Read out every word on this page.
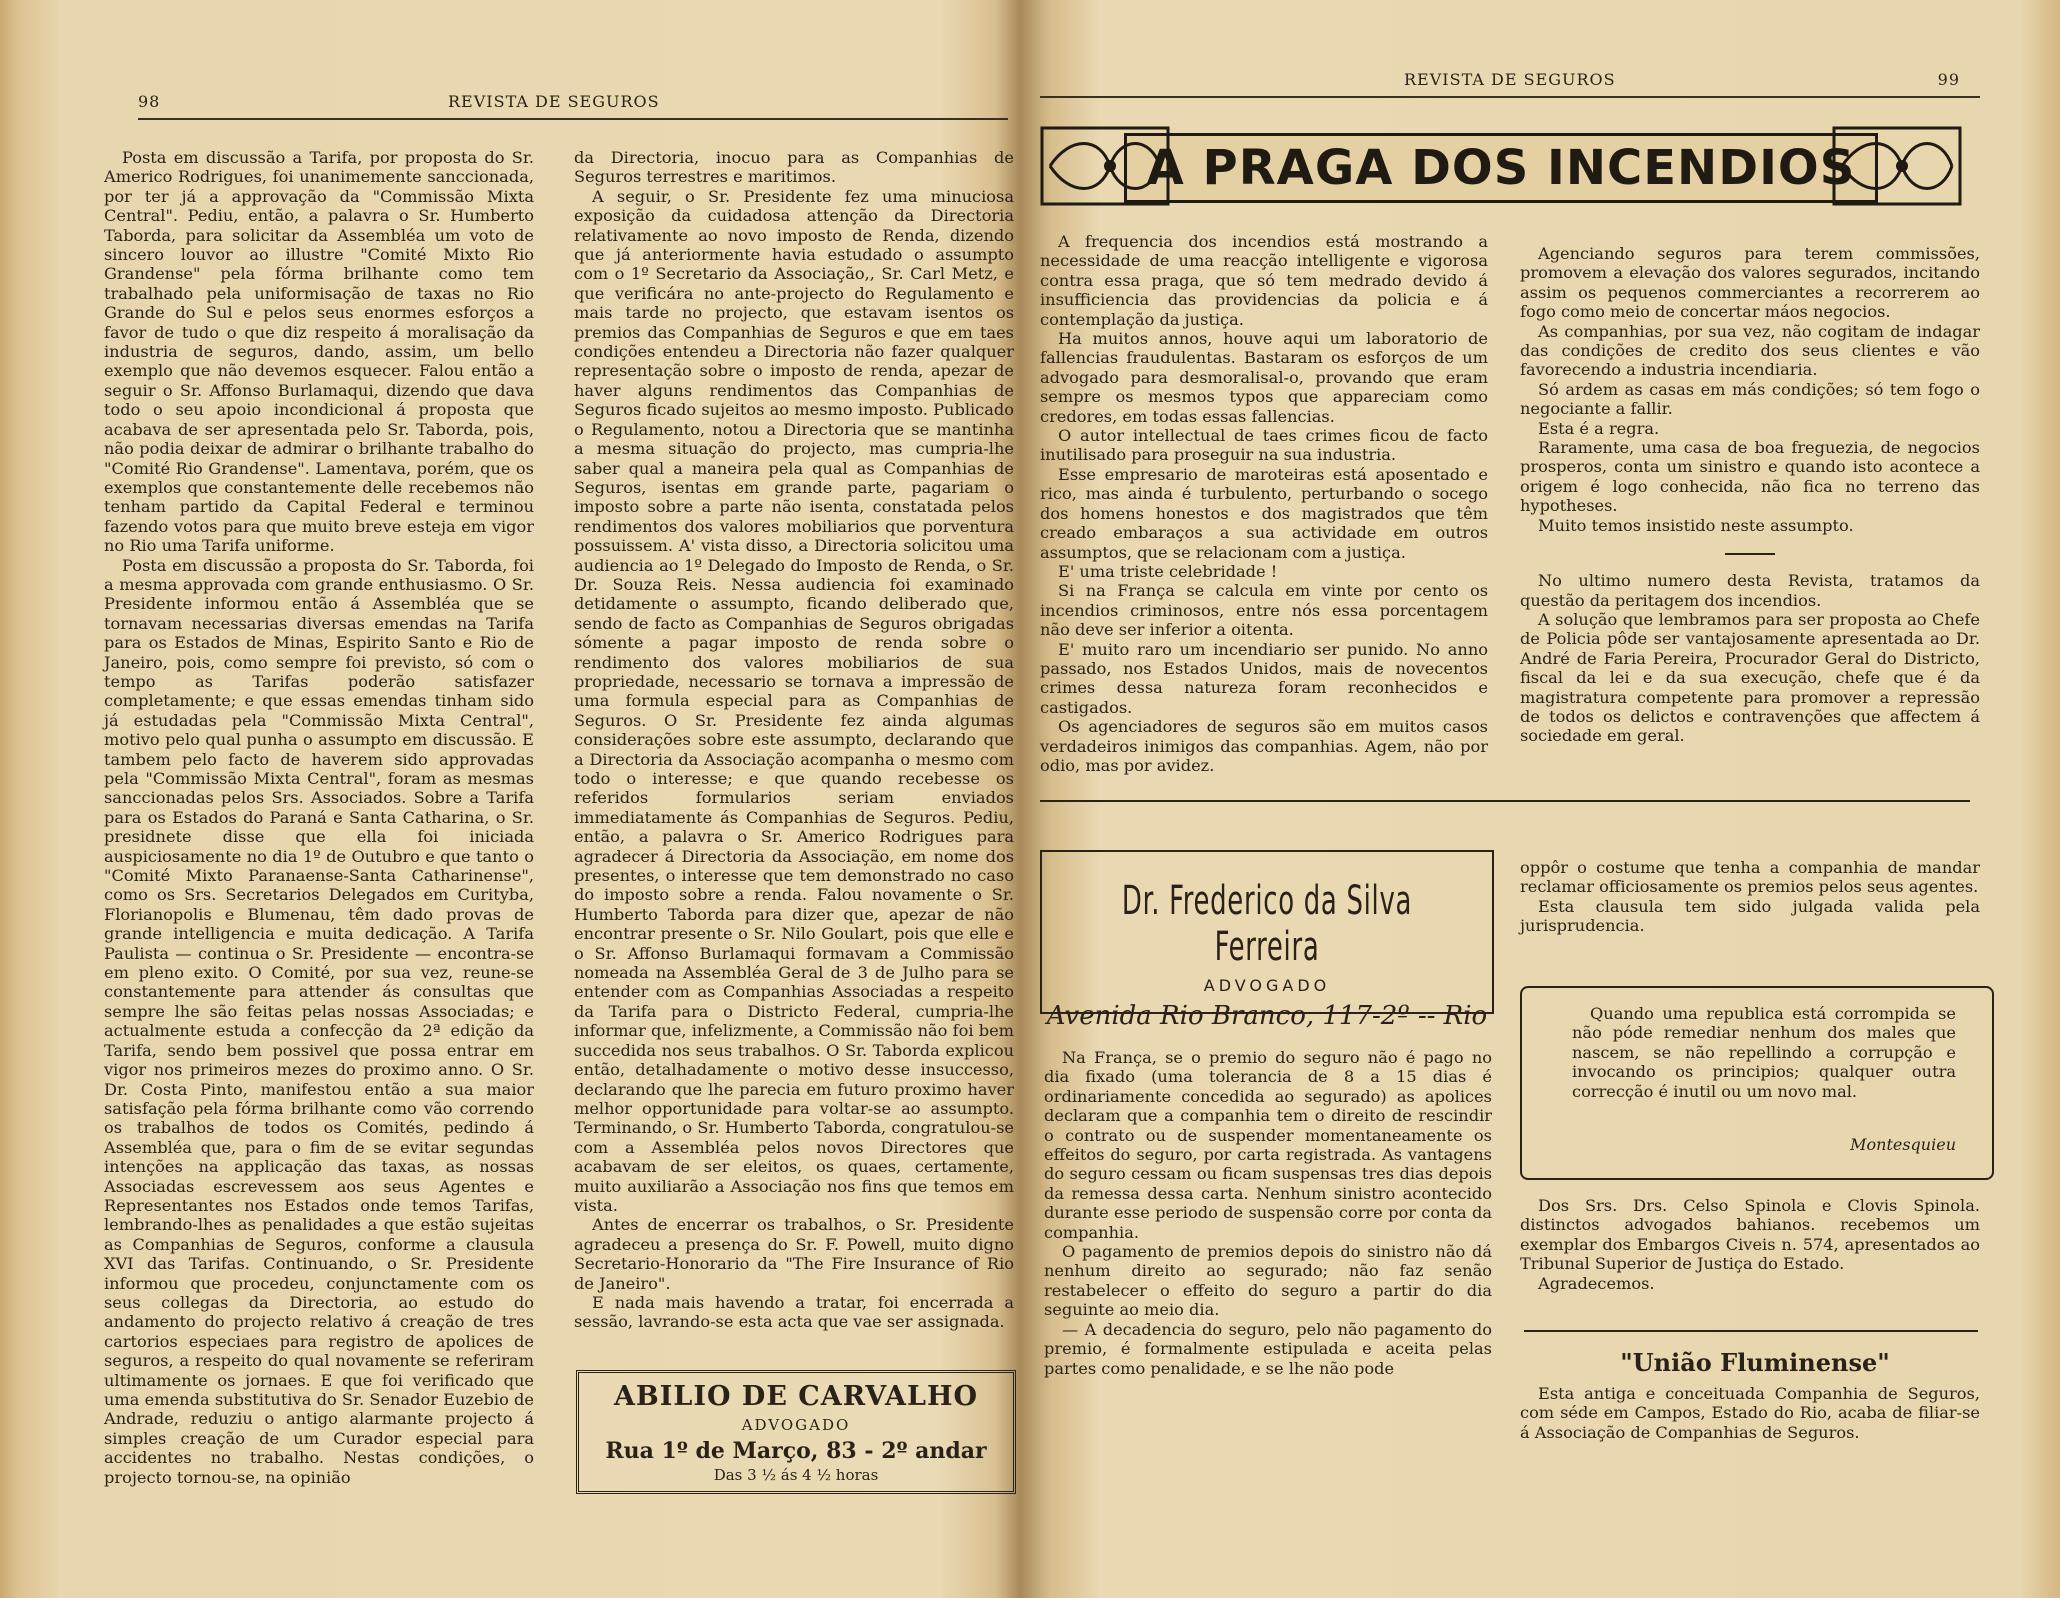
98	REVISTA DE SEGUROS

Posta em discussão a Tarifa, por proposta do Sr. Americo Rodrigues, foi unanimemente sanccionada, por ter já a approvação da "Commissão Mixta Central". Pediu, então, a palavra o Sr. Humberto Taborda, para solicitar da Assembléa um voto de sincero louvor ao illustre "Comité Mixto Rio Grandense" pela fórma brilhante como tem trabalhado pela uniformisação de taxas no Rio Grande do Sul e pelos seus enormes esforços a favor de tudo o que diz respeito á moralisação da industria de seguros, dando, assim, um bello exemplo que não devemos esquecer. Falou então a seguir o Sr. Affonso Burlamaqui, dizendo que dava todo o seu apoio incondicional á proposta que acabava de ser apresentada pelo Sr. Taborda, pois, não podia deixar de admirar o brilhante trabalho do "Comité Rio Grandense". Lamentava, porém, que os exemplos que constantemente delle recebemos não tenham partido da Capital Federal e terminou fazendo votos para que muito breve esteja em vigor no Rio uma Tarifa uniforme.

Posta em discussão a proposta do Sr. Taborda, foi a mesma approvada com grande enthusiasmo. O Sr. Presidente informou então á Assembléa que se tornavam necessarias diversas emendas na Tarifa para os Estados de Minas, Espirito Santo e Rio de Janeiro, pois, como sempre foi previsto, só com o tempo as Tarifas poderão satisfazer completamente; e que essas emendas tinham sido já estudadas pela "Commissão Mixta Central", motivo pelo qual punha o assumpto em discussão. E tambem pelo facto de haverem sido approvadas pela "Commissão Mixta Central", foram as mesmas sanccionadas pelos Srs. Associados. Sobre a Tarifa para os Estados do Paraná e Santa Catharina, o Sr. presidnete disse que ella foi iniciada auspiciosamente no dia 1º de Outubro e que tanto o "Comité Mixto Paranaense-Santa Catharinense", como os Srs. Secretarios Delegados em Curityba, Florianopolis e Blumenau, têm dado provas de grande intelligencia e muita dedicação. A Tarifa Paulista — continua o Sr. Presidente — encontra-se em pleno exito. O Comité, por sua vez, reune-se constantemente para attender ás consultas que sempre lhe são feitas pelas nossas Associadas; e actualmente estuda a confecção da 2ª edição da Tarifa, sendo bem possivel que possa entrar em vigor nos primeiros mezes do proximo anno. O Sr. Dr. Costa Pinto, manifestou então a sua maior satisfação pela fórma brilhante como vão correndo os trabalhos de todos os Comités, pedindo á Assembléa que, para o fim de se evitar segundas intenções na applicação das taxas, as nossas Associadas escrevessem aos seus Agentes e Representantes nos Estados onde temos Tarifas, lembrando-lhes as penalidades a que estão sujeitas as Companhias de Seguros, conforme a clausula XVI das Tarifas. Continuando, o Sr. Presidente informou que procedeu, conjunctamente com os seus collegas da Directoria, ao estudo do andamento do projecto relativo á creação de tres cartorios especiaes para registro de apolices de seguros, a respeito do qual novamente se referiram ultimamente os jornaes. E que foi verificado que uma emenda substitutiva do Sr. Senador Euzebio de Andrade, reduziu o antigo alarmante projecto á simples creação de um Curador especial para accidentes no trabalho. Nestas condições, o projecto tornou-se, na opinião

da Directoria, inocuo para as Companhias de Seguros terrestres e maritimos.

A seguir, o Sr. Presidente fez uma minuciosa exposição da cuidadosa attenção da Directoria relativamente ao novo imposto de Renda, dizendo que já anteriormente havia estudado o assumpto com o 1º Secretario da Associação,, Sr. Carl Metz, e que verificára no ante-projecto do Regulamento e mais tarde no projecto, que estavam isentos os premios das Companhias de Seguros e que em taes condições entendeu a Directoria não fazer qualquer representação sobre o imposto de renda, apezar de haver alguns rendimentos das Companhias de Seguros ficado sujeitos ao mesmo imposto. Publicado o Regulamento, notou a Directoria que se mantinha a mesma situação do projecto, mas cumpria-lhe saber qual a maneira pela qual as Companhias de Seguros, isentas em grande parte, pagariam o imposto sobre a parte não isenta, constatada pelos rendimentos dos valores mobiliarios que porventura possuissem. A' vista disso, a Directoria solicitou uma audiencia ao 1º Delegado do Imposto de Renda, o Sr. Dr. Souza Reis. Nessa audiencia foi examinado detidamente o assumpto, ficando deliberado que, sendo de facto as Companhias de Seguros obrigadas sómente a pagar imposto de renda sobre o rendimento dos valores mobiliarios de sua propriedade, necessario se tornava a impressão de uma formula especial para as Companhias de Seguros. O Sr. Presidente fez ainda algumas considerações sobre este assumpto, declarando que a Directoria da Associação acompanha o mesmo com todo o interesse; e que quando recebesse os referidos formularios seriam enviados immediatamente ás Companhias de Seguros. Pediu, então, a palavra o Sr. Americo Rodrigues para agradecer á Directoria da Associação, em nome dos presentes, o interesse que tem demonstrado no caso do imposto sobre a renda. Falou novamente o Sr. Humberto Taborda para dizer que, apezar de não encontrar presente o Sr. Nilo Goulart, pois que elle e o Sr. Affonso Burlamaqui formavam a Commissão nomeada na Assembléa Geral de 3 de Julho para se entender com as Companhias Associadas a respeito da Tarifa para o Districto Federal, cumpria-lhe informar que, infelizmente, a Commissão não foi bem succedida nos seus trabalhos. O Sr. Taborda explicou então, detalhadamente o motivo desse insuccesso, declarando que lhe parecia em futuro proximo haver melhor opportunidade para voltar-se ao assumpto. Terminando, o Sr. Humberto Taborda, congratulou-se com a Assembléa pelos novos Directores que acabavam de ser eleitos, os quaes, certamente, muito auxiliarão a Associação nos fins que temos em vista.

Antes de encerrar os trabalhos, o Sr. Presidente agradeceu a presença do Sr. F. Powell, muito digno Secretario-Honorario da "The Fire Insurance of Rio de Janeiro".

E nada mais havendo a tratar, foi encerrada a sessão, lavrando-se esta acta que vae ser assignada.

ABILIO DE CARVALHO
ADVOGADO
Rua 1º de Março, 83 - 2º andar
Das 3 ½ ás 4 ½ horas
REVISTA DE SEGUROS	99
A PRAGA DOS INCENDIOS

A frequencia dos incendios está mostrando a necessidade de uma reacção intelligente e vigorosa contra essa praga, que só tem medrado devido á insufficiencia das providencias da policia e á contemplação da justiça.

Ha muitos annos, houve aqui um laboratorio de fallencias fraudulentas. Bastaram os esforços de um advogado para desmoralisal-o, provando que eram sempre os mesmos typos que appareciam como credores, em todas essas fallencias.

O autor intellectual de taes crimes ficou de facto inutilisado para proseguir na sua industria.

Esse empresario de maroteiras está aposentado e rico, mas ainda é turbulento, perturbando o socego dos homens honestos e dos magistrados que têm creado embaraços a sua actividade em outros assumptos, que se relacionam com a justiça.

E' uma triste celebridade !

Si na França se calcula em vinte por cento os incendios criminosos, entre nós essa porcentagem não deve ser inferior a oitenta.

E' muito raro um incendiario ser punido. No anno passado, nos Estados Unidos, mais de novecentos crimes dessa natureza foram reconhecidos e castigados.

Os agenciadores de seguros são em muitos casos verdadeiros inimigos das companhias. Agem, não por odio, mas por avidez.

Agenciando seguros para terem commissões, promovem a elevação dos valores segurados, incitando assim os pequenos commerciantes a recorrerem ao fogo como meio de concertar máos negocios.

As companhias, por sua vez, não cogitam de indagar das condições de credito dos seus clientes e vão favorecendo a industria incendiaria.

Só ardem as casas em más condições; só tem fogo o negociante a fallir.

Esta é a regra.

Raramente, uma casa de boa freguezia, de negocios prosperos, conta um sinistro e quando isto acontece a origem é logo conhecida, não fica no terreno das hypotheses.

Muito temos insistido neste assumpto.

No ultimo numero desta Revista, tratamos da questão da peritagem dos incendios.

A solução que lembramos para ser proposta ao Chefe de Policia pôde ser vantajosamente apresentada ao Dr. André de Faria Pereira, Procurador Geral do Districto, fiscal da lei e da sua execução, chefe que é da magistratura competente para promover a repressão de todos os delictos e contravenções que affectem á sociedade em geral.

Dr. Frederico da Silva Ferreira
ADVOGADO
Avenida Rio Branco, 117-2º -- Rio

Na França, se o premio do seguro não é pago no dia fixado (uma tolerancia de 8 a 15 dias é ordinariamente concedida ao segurado) as apolices declaram que a companhia tem o direito de rescindir o contrato ou de suspender momentaneamente os effeitos do seguro, por carta registrada. As vantagens do seguro cessam ou ficam suspensas tres dias depois da remessa dessa carta. Nenhum sinistro acontecido durante esse periodo de suspensão corre por conta da companhia.

O pagamento de premios depois do sinistro não dá nenhum direito ao segurado; não faz senão restabelecer o effeito do seguro a partir do dia seguinte ao meio dia.

— A decadencia do seguro, pelo não pagamento do premio, é formalmente estipulada e aceita pelas partes como penalidade, e se lhe não pode

oppôr o costume que tenha a companhia de mandar reclamar officiosamente os premios pelos seus agentes.

Esta clausula tem sido julgada valida pela jurisprudencia.

Quando uma republica está corrompida se não póde remediar nenhum dos males que nascem, se não repellindo a corrupção e invocando os principios; qualquer outra correcção é inutil ou um novo mal.

Montesquieu

Dos Srs. Drs. Celso Spinola e Clovis Spinola. distinctos advogados bahianos. recebemos um exemplar dos Embargos Civeis n. 574, apresentados ao Tribunal Superior de Justiça do Estado.

Agradecemos.

"União Fluminense"

Esta antiga e conceituada Companhia de Seguros, com séde em Campos, Estado do Rio, acaba de filiar-se á Associação de Companhias de Seguros.
